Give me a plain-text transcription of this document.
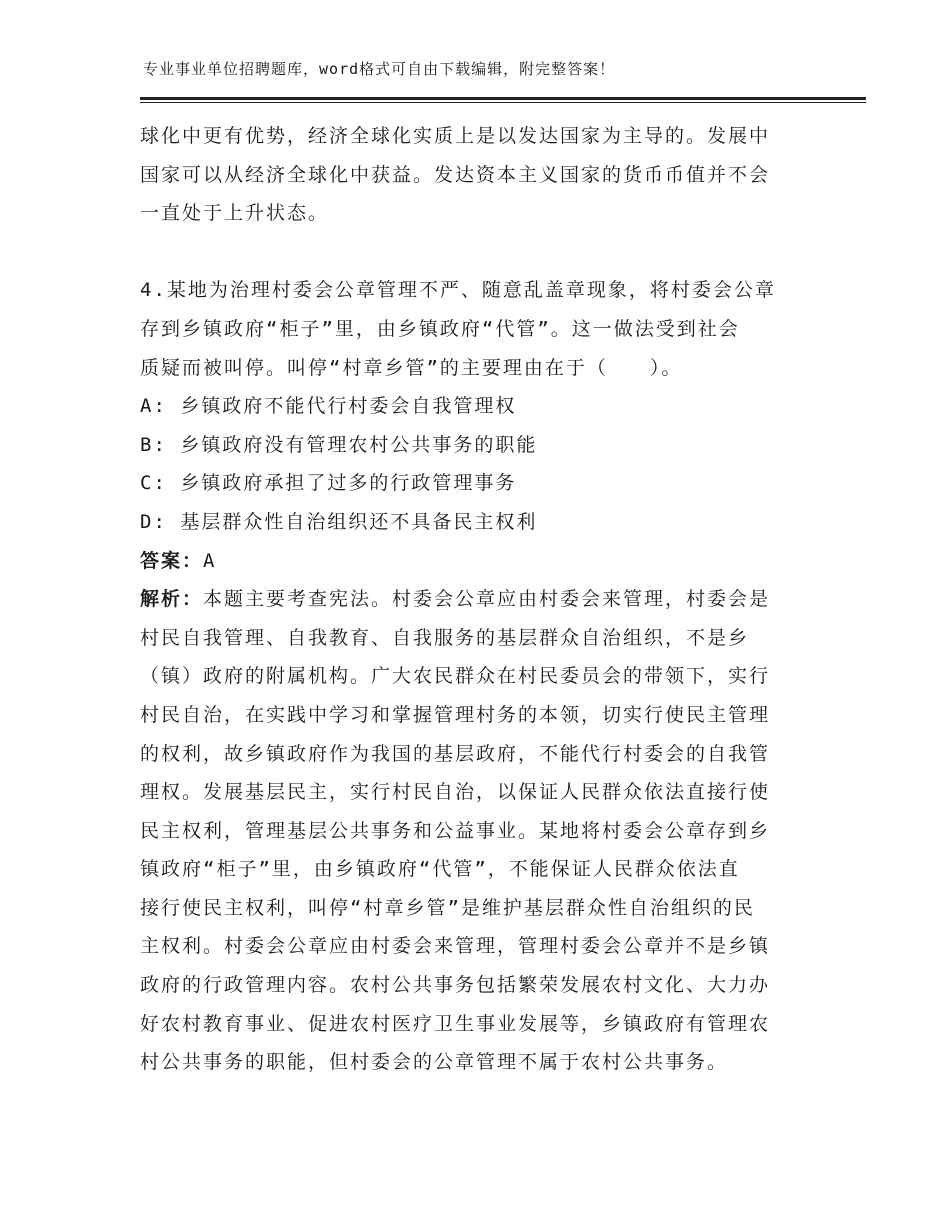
专业事业单位招聘题库，word格式可自由下载编辑，附完整答案！
球化中更有优势，经济全球化实质上是以发达国家为主导的。发展中
国家可以从经济全球化中获益。发达资本主义国家的货币币值并不会
一直处于上升状态。
4.某地为治理村委会公章管理不严、随意乱盖章现象，将村委会公章
存到乡镇政府“柜子”里，由乡镇政府“代管”。这一做法受到社会
质疑而被叫停。叫停“村章乡管”的主要理由在于（　　）。
A: 乡镇政府不能代行村委会自我管理权
B: 乡镇政府没有管理农村公共事务的职能
C: 乡镇政府承担了过多的行政管理事务
D: 基层群众性自治组织还不具备民主权利
答案：A
解析：本题主要考查宪法。村委会公章应由村委会来管理，村委会是
村民自我管理、自我教育、自我服务的基层群众自治组织，不是乡
（镇）政府的附属机构。广大农民群众在村民委员会的带领下，实行
村民自治，在实践中学习和掌握管理村务的本领，切实行使民主管理
的权利，故乡镇政府作为我国的基层政府，不能代行村委会的自我管
理权。发展基层民主，实行村民自治，以保证人民群众依法直接行使
民主权利，管理基层公共事务和公益事业。某地将村委会公章存到乡
镇政府“柜子”里，由乡镇政府“代管”，不能保证人民群众依法直
接行使民主权利，叫停“村章乡管”是维护基层群众性自治组织的民
主权利。村委会公章应由村委会来管理，管理村委会公章并不是乡镇
政府的行政管理内容。农村公共事务包括繁荣发展农村文化、大力办
好农村教育事业、促进农村医疗卫生事业发展等，乡镇政府有管理农
村公共事务的职能，但村委会的公章管理不属于农村公共事务。
